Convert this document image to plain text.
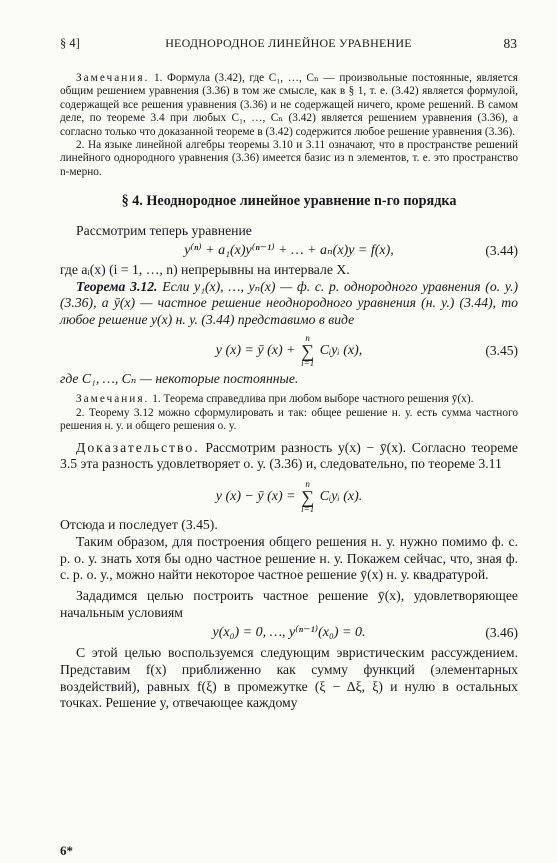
§ 4]	НЕОДНОРОДНОЕ ЛИНЕЙНОЕ УРАВНЕНИЕ	83

Замечания. 1. Формула (3.42), где C₁, …, Cₙ — произвольные постоянные, является общим решением уравнения (3.36) в том же смысле, как в § 1, т. е. (3.42) является формулой, содержащей все решения уравнения (3.36) и не содержащей ничего, кроме решений. В самом деле, по теореме 3.4 при любых C₁, …, Cₙ (3.42) является решением уравнения (3.36), а согласно только что доказанной теореме в (3.42) содержится любое решение уравнения (3.36).

2. На языке линейной алгебры теоремы 3.10 и 3.11 означают, что в пространстве решений линейного однородного уравнения (3.36) имеется базис из n элементов, т. е. это пространство n-мерно.

§ 4. Неоднородное линейное уравнение n-го порядка

Рассмотрим теперь уравнение

y⁽ⁿ⁾ + a₁(x)y⁽ⁿ⁻¹⁾ + … + aₙ(x)y = f(x),	(3.44)

где aᵢ(x) (i = 1, …, n) непрерывны на интервале X.

Теорема 3.12. Если y₁(x), …, yₙ(x) — ф. с. р. однородного уравнения (о. у.) (3.36), а ȳ(x) — частное решение неоднородного уравнения (н. у.) (3.44), то любое решение y(x) н. у. (3.44) представимо в виде

y (x) = ȳ (x) +
n
∑
i=1
Cᵢyᵢ (x),	(3.45)

где C₁, …, Cₙ — некоторые постоянные.

Замечания. 1. Теорема справедлива при любом выборе частного решения ȳ(x).

2. Теорему 3.12 можно сформулировать и так: общее решение н. у. есть сумма частного решения н. у. и общего решения о. у.

Доказательство. Рассмотрим разность y(x) − ȳ(x). Согласно теореме 3.5 эта разность удовлетворяет о. у. (3.36) и, следовательно, по теореме 3.11

y (x) − ȳ (x) =
n
∑
i=1
Cᵢyᵢ (x).

Отсюда и последует (3.45).

Таким образом, для построения общего решения н. у. нужно помимо ф. с. р. о. у. знать хотя бы одно частное решение н. у. Покажем сейчас, что, зная ф. с. р. о. у., можно найти некоторое частное решение ȳ(x) н. у. квадратурой.

Зададимся целью построить частное решение ȳ(x), удовлетворяющее начальным условиям

y(x₀) = 0, …, y⁽ⁿ⁻¹⁾(x₀) = 0.	(3.46)

С этой целью воспользуемся следующим эвристическим рассуждением. Представим f(x) приближенно как сумму функций (элементарных воздействий), равных f(ξ) в промежутке (ξ − Δξ, ξ) и нулю в остальных точках. Решение y, отвечающее каждому

6*
